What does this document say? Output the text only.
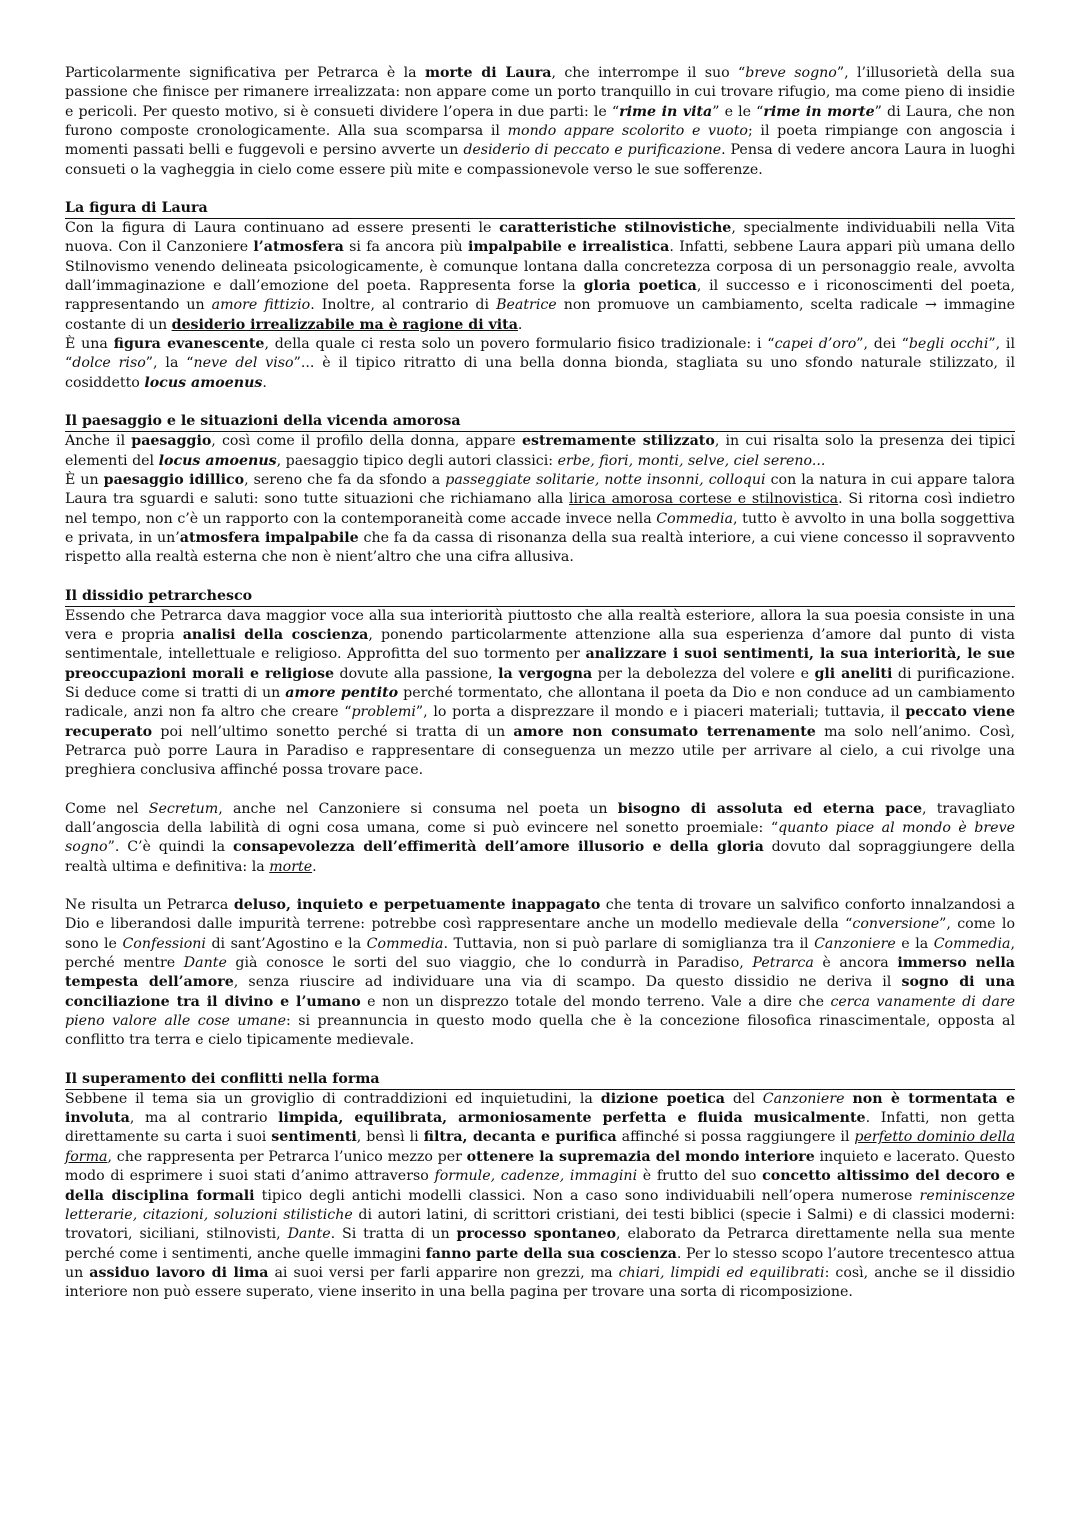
Particolarmente significativa per Petrarca è la morte di Laura, che interrompe il suo “breve sogno”, l’illusorietà della sua passione che finisce per rimanere irrealizzata: non appare come un porto tranquillo in cui trovare rifugio, ma come pieno di insidie e pericoli. Per questo motivo, si è consueti dividere l’opera in due parti: le “rime in vita” e le “rime in morte” di Laura, che non furono composte cronologicamente. Alla sua scomparsa il mondo appare scolorito e vuoto; il poeta rimpiange con angoscia i momenti passati belli e fuggevoli e persino avverte un desiderio di peccato e purificazione. Pensa di vedere ancora Laura in luoghi consueti o la vagheggia in cielo come essere più mite e compassionevole verso le sue sofferenze.

La figura di Laura

Con la figura di Laura continuano ad essere presenti le caratteristiche stilnovistiche, specialmente individuabili nella Vita nuova. Con il Canzoniere l’atmosfera si fa ancora più impalpabile e irrealistica. Infatti, sebbene Laura appari più umana dello Stilnovismo venendo delineata psicologicamente, è comunque lontana dalla concretezza corposa di un personaggio reale, avvolta dall’immaginazione e dall’emozione del poeta. Rappresenta forse la gloria poetica, il successo e i riconoscimenti del poeta, rappresentando un amore fittizio. Inoltre, al contrario di Beatrice non promuove un cambiamento, scelta radicale → immagine costante di un desiderio irrealizzabile ma è ragione di vita.

È una figura evanescente, della quale ci resta solo un povero formulario fisico tradizionale: i “capei d’oro”, dei “begli occhi”, il “dolce riso”, la “neve del viso”... è il tipico ritratto di una bella donna bionda, stagliata su uno sfondo naturale stilizzato, il cosiddetto locus amoenus.

Il paesaggio e le situazioni della vicenda amorosa

Anche il paesaggio, così come il profilo della donna, appare estremamente stilizzato, in cui risalta solo la presenza dei tipici elementi del locus amoenus, paesaggio tipico degli autori classici: erbe, fiori, monti, selve, ciel sereno...

È un paesaggio idillico, sereno che fa da sfondo a passeggiate solitarie, notte insonni, colloqui con la natura in cui appare talora Laura tra sguardi e saluti: sono tutte situazioni che richiamano alla lirica amorosa cortese e stilnovistica. Si ritorna così indietro nel tempo, non c’è un rapporto con la contemporaneità come accade invece nella Commedia, tutto è avvolto in una bolla soggettiva e privata, in un’atmosfera impalpabile che fa da cassa di risonanza della sua realtà interiore, a cui viene concesso il sopravvento rispetto alla realtà esterna che non è nient’altro che una cifra allusiva.

Il dissidio petrarchesco

Essendo che Petrarca dava maggior voce alla sua interiorità piuttosto che alla realtà esteriore, allora la sua poesia consiste in una vera e propria analisi della coscienza, ponendo particolarmente attenzione alla sua esperienza d’amore dal punto di vista sentimentale, intellettuale e religioso. Approfitta del suo tormento per analizzare i suoi sentimenti, la sua interiorità, le sue preoccupazioni morali e religiose dovute alla passione, la vergogna per la debolezza del volere e gli aneliti di purificazione. Si deduce come si tratti di un amore pentito perché tormentato, che allontana il poeta da Dio e non conduce ad un cambiamento radicale, anzi non fa altro che creare “problemi”, lo porta a disprezzare il mondo e i piaceri materiali; tuttavia, il peccato viene recuperato poi nell’ultimo sonetto perché si tratta di un amore non consumato terrenamente ma solo nell’animo. Così, Petrarca può porre Laura in Paradiso e rappresentare di conseguenza un mezzo utile per arrivare al cielo, a cui rivolge una preghiera conclusiva affinché possa trovare pace.

Come nel Secretum, anche nel Canzoniere si consuma nel poeta un bisogno di assoluta ed eterna pace, travagliato dall’angoscia della labilità di ogni cosa umana, come si può evincere nel sonetto proemiale: “quanto piace al mondo è breve sogno”. C’è quindi la consapevolezza dell’effimerità dell’amore illusorio e della gloria dovuto dal sopraggiungere della realtà ultima e definitiva: la morte.

Ne risulta un Petrarca deluso, inquieto e perpetuamente inappagato che tenta di trovare un salvifico conforto innalzandosi a Dio e liberandosi dalle impurità terrene: potrebbe così rappresentare anche un modello medievale della “conversione”, come lo sono le Confessioni di sant’Agostino e la Commedia. Tuttavia, non si può parlare di somiglianza tra il Canzoniere e la Commedia, perché mentre Dante già conosce le sorti del suo viaggio, che lo condurrà in Paradiso, Petrarca è ancora immerso nella tempesta dell’amore, senza riuscire ad individuare una via di scampo. Da questo dissidio ne deriva il sogno di una conciliazione tra il divino e l’umano e non un disprezzo totale del mondo terreno. Vale a dire che cerca vanamente di dare pieno valore alle cose umane: si preannuncia in questo modo quella che è la concezione filosofica rinascimentale, opposta al conflitto tra terra e cielo tipicamente medievale.

Il superamento dei conflitti nella forma

Sebbene il tema sia un groviglio di contraddizioni ed inquietudini, la dizione poetica del Canzoniere non è tormentata e involuta, ma al contrario limpida, equilibrata, armoniosamente perfetta e fluida musicalmente. Infatti, non getta direttamente su carta i suoi sentimenti, bensì li filtra, decanta e purifica affinché si possa raggiungere il perfetto dominio della forma, che rappresenta per Petrarca l’unico mezzo per ottenere la supremazia del mondo interiore inquieto e lacerato. Questo modo di esprimere i suoi stati d’animo attraverso formule, cadenze, immagini è frutto del suo concetto altissimo del decoro e della disciplina formali tipico degli antichi modelli classici. Non a caso sono individuabili nell’opera numerose reminiscenze letterarie, citazioni, soluzioni stilistiche di autori latini, di scrittori cristiani, dei testi biblici (specie i Salmi) e di classici moderni: trovatori, siciliani, stilnovisti, Dante. Si tratta di un processo spontaneo, elaborato da Petrarca direttamente nella sua mente perché come i sentimenti, anche quelle immagini fanno parte della sua coscienza. Per lo stesso scopo l’autore trecentesco attua un assiduo lavoro di lima ai suoi versi per farli apparire non grezzi, ma chiari, limpidi ed equilibrati: così, anche se il dissidio interiore non può essere superato, viene inserito in una bella pagina per trovare una sorta di ricomposizione.
